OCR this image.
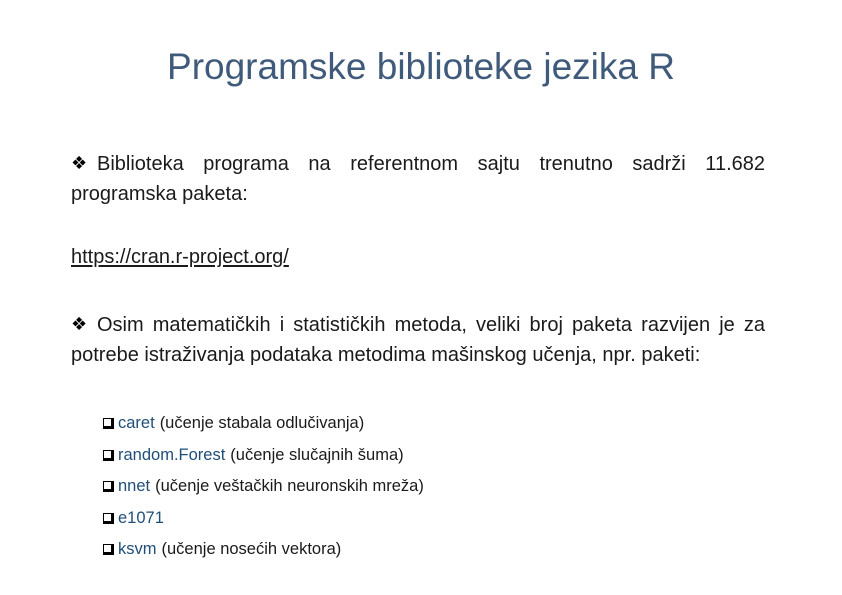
Programske biblioteke jezika R
❖ Biblioteka programa na referentnom sajtu trenutno sadrži 11.682 programska paketa:
https://cran.r-project.org/
❖ Osim matematičkih i statističkih metoda, veliki broj paketa razvijen je za potrebe istraživanja podataka metodima mašinskog učenja, npr. paketi:
caret (učenje stabala odlučivanja)
random.Forest (učenje slučajnih šuma)
nnet (učenje veštačkih neuronskih mreža)
e1071
ksvm (učenje nosećih vektora)
